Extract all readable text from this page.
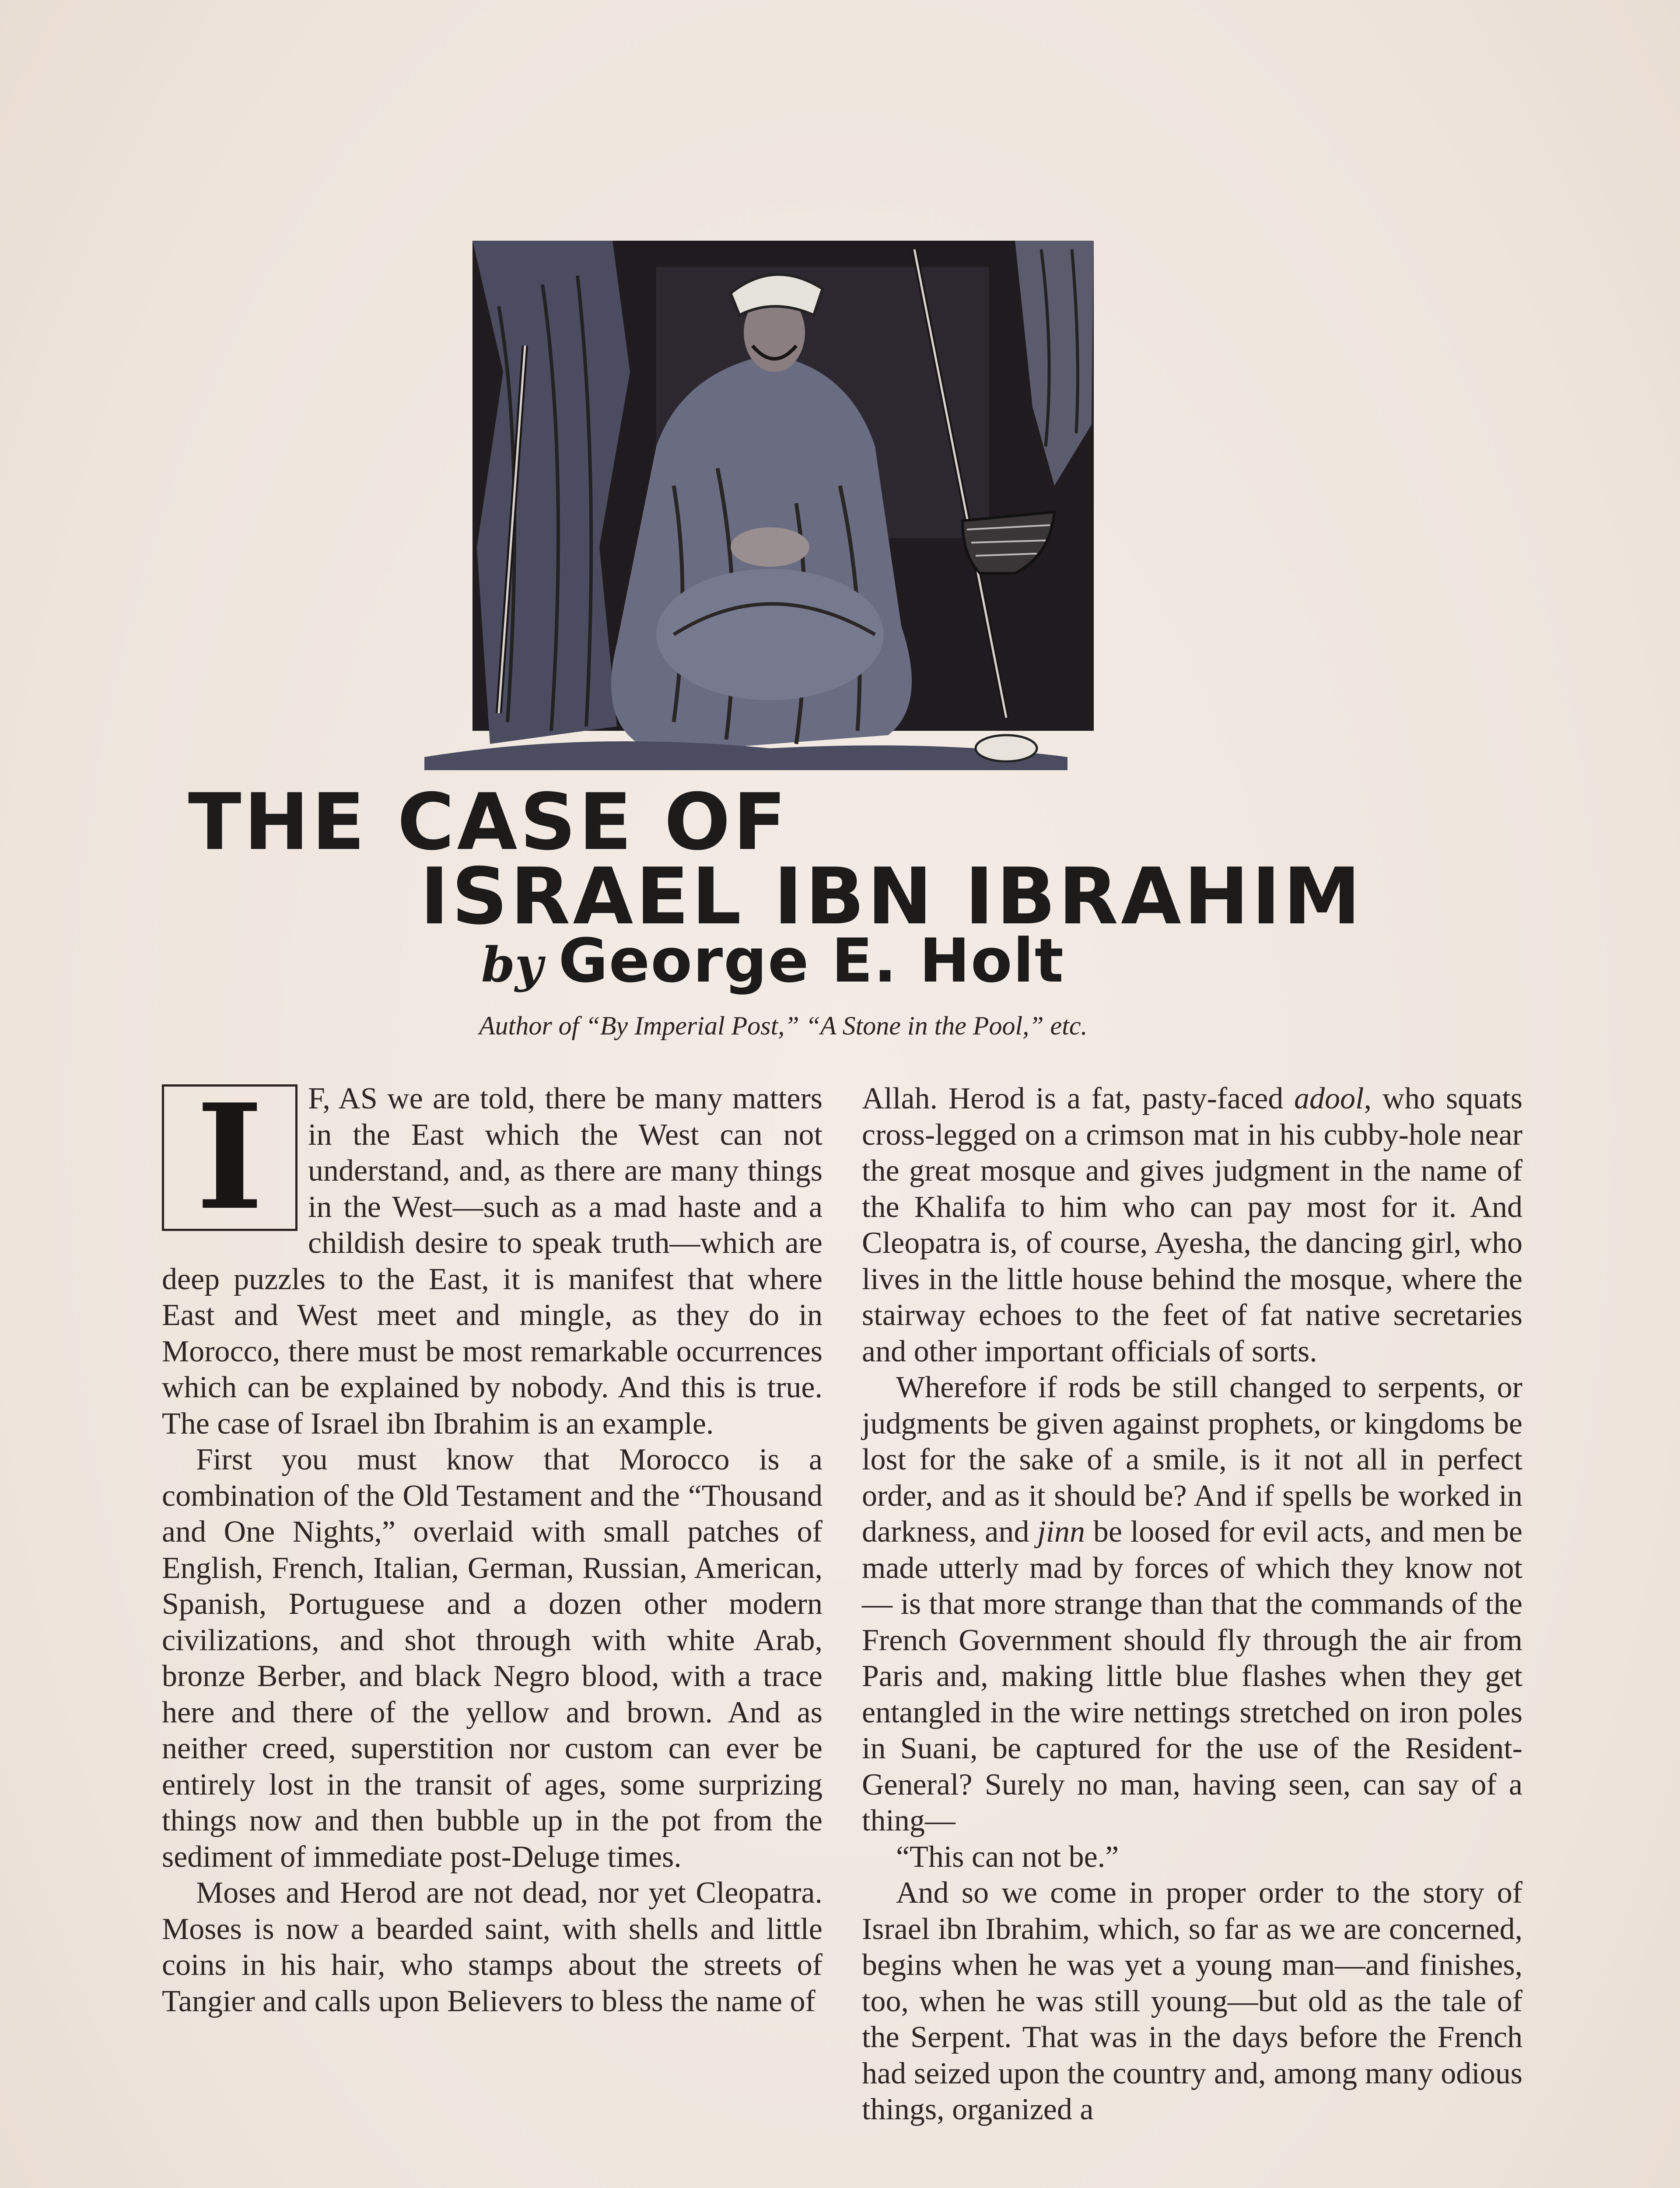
THE CASE OF
ISRAEL IBN IBRAHIM
by George E. Holt
Author of “By Imperial Post,” “A Stone in the Pool,” etc.
I	F, AS we are told, there be many matters in the East which the West can not understand, and, as there are many things in the West—such as a mad haste and a childish desire to speak truth—which are deep puzzles to the East, it is manifest that where East and West meet and mingle, as they do in Morocco, there must be most remarkable occurrences which can be explained by nobody. And this is true. The case of Israel ibn Ibrahim is an example.

First you must know that Morocco is a combination of the Old Testament and the “Thousand and One Nights,” overlaid with small patches of English, French, Italian, German, Russian, American, Spanish, Portuguese and a dozen other modern civilizations, and shot through with white Arab, bronze Berber, and black Negro blood, with a trace here and there of the yellow and brown. And as neither creed, superstition nor custom can ever be entirely lost in the transit of ages, some surprizing things now and then bubble up in the pot from the sediment of immediate post-Deluge times.

Moses and Herod are not dead, nor yet Cleopatra. Moses is now a bearded saint, with shells and little coins in his hair, who stamps about the streets of Tangier and calls upon Believers to bless the name of

Allah. Herod is a fat, pasty-faced adool, who squats cross-legged on a crimson mat in his cubby-hole near the great mosque and gives judgment in the name of the Khalifa to him who can pay most for it. And Cleopatra is, of course, Ayesha, the dancing girl, who lives in the little house behind the mosque, where the stairway echoes to the feet of fat native secretaries and other important officials of sorts.

Wherefore if rods be still changed to serpents, or judgments be given against prophets, or kingdoms be lost for the sake of a smile, is it not all in perfect order, and as it should be? And if spells be worked in darkness, and jinn be loosed for evil acts, and men be made utterly mad by forces of which they know not— is that more strange than that the commands of the French Government should fly through the air from Paris and, making little blue flashes when they get entangled in the wire nettings stretched on iron poles in Suani, be captured for the use of the Resident-General? Surely no man, having seen, can say of a thing—

“This can not be.”

And so we come in proper order to the story of Israel ibn Ibrahim, which, so far as we are concerned, begins when he was yet a young man—and finishes, too, when he was still young—but old as the tale of the Serpent. That was in the days before the French had seized upon the country and, among many odious things, organized a
